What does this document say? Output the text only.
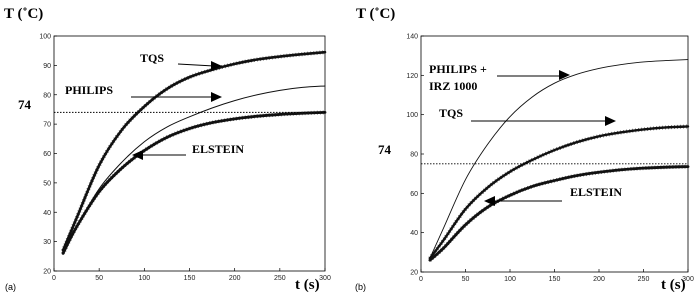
(a)
T (˚C)
t (s)
74
0	50	100	150	200	250	300
20
30
40
50
60
70
80
90
100
TQS
PHILIPS
ELSTEIN
(b)
T (˚C)
t (s)
74
0	50	100	150	200	250	300
20
40
60
80
100
120
140
PHILIPS +
IRZ 1000
TQS
ELSTEIN
